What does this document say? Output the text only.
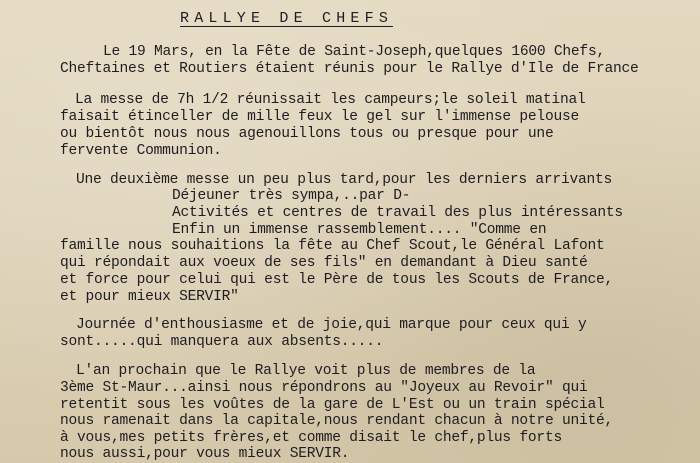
RALLYE DE CHEFS
Le 19 Mars, en la Fête de Saint-Joseph,quelques 1600 Chefs,
Cheftaines et Routiers étaient réunis pour le Rallye d'Ile de France
La messe de 7h 1/2 réunissait les campeurs;le soleil matinal
faisait étinceller de mille feux le gel sur l'immense pelouse
ou bientôt nous nous agenouillons tous ou presque pour une
fervente Communion.
Une deuxième messe un peu plus tard,pour les derniers arrivants
Déjeuner très sympa,..par D-
Activités et centres de travail des plus intéressants
Enfin un immense rassemblement.... "Comme en
famille nous souhaitions la fête au Chef Scout,le Général Lafont
qui répondait aux voeux de ses fils" en demandant à Dieu santé
et force pour celui qui est le Père de tous les Scouts de France,
et pour mieux SERVIR"
Journée d'enthousiasme et de joie,qui marque pour ceux qui y
sont.....qui manquera aux absents.....
L'an prochain que le Rallye voit plus de membres de la
3ème St-Maur...ainsi nous répondrons au "Joyeux au Revoir" qui
retentit sous les voûtes de la gare de L'Est ou un train spécial
nous ramenait dans la capitale,nous rendant chacun à notre unité,
à vous,mes petits frères,et comme disait le chef,plus forts
nous aussi,pour vous mieux SERVIR.
